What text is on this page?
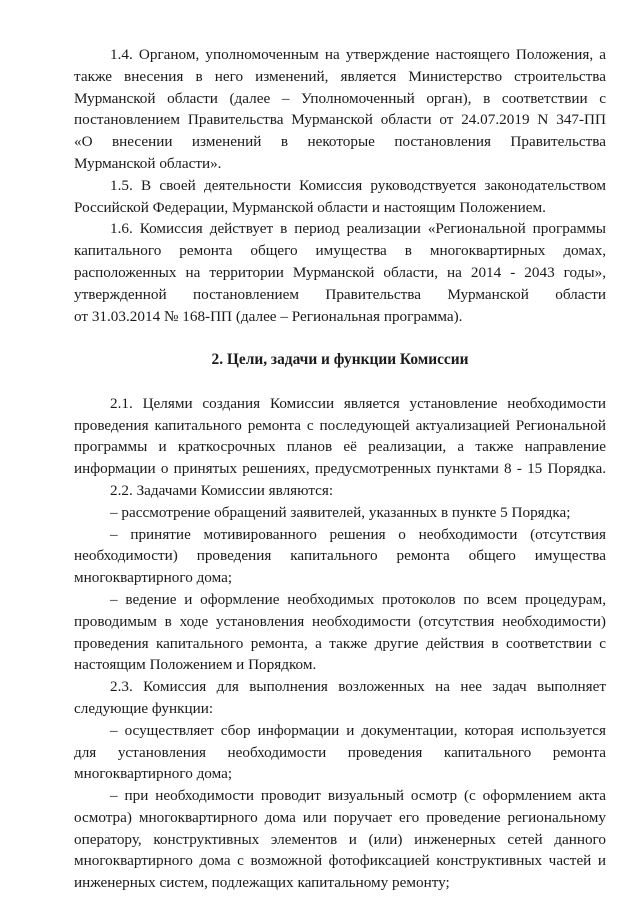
1.4. Органом, уполномоченным на утверждение настоящего Положения, а
также внесения в него изменений, является Министерство строительства
Мурманской области (далее – Уполномоченный орган), в соответствии с
постановлением Правительства Мурманской области от 24.07.2019 N 347-ПП
«О внесении изменений в некоторые постановления Правительства
Мурманской области».
1.5. В своей деятельности Комиссия руководствуется законодательством
Российской Федерации, Мурманской области и настоящим Положением.
1.6. Комиссия действует в период реализации «Региональной программы
капитального ремонта общего имущества в многоквартирных домах,
расположенных на территории Мурманской области, на 2014 - 2043 годы»,
утвержденной постановлением Правительства Мурманской области
от 31.03.2014 № 168-ПП (далее – Региональная программа).
2. Цели, задачи и функции Комиссии
2.1. Целями создания Комиссии является установление необходимости
проведения капитального ремонта с последующей актуализацией Региональной
программы и краткосрочных планов её реализации, а также направление
информации о принятых решениях, предусмотренных пунктами 8 - 15 Порядка.
2.2. Задачами Комиссии являются:
– рассмотрение обращений заявителей, указанных в пункте 5 Порядка;
– принятие мотивированного решения о необходимости (отсутствия
необходимости) проведения капитального ремонта общего имущества
многоквартирного дома;
– ведение и оформление необходимых протоколов по всем процедурам,
проводимым в ходе установления необходимости (отсутствия необходимости)
проведения капитального ремонта, а также другие действия в соответствии с
настоящим Положением и Порядком.
2.3. Комиссия для выполнения возложенных на нее задач выполняет
следующие функции:
– осуществляет сбор информации и документации, которая используется
для установления необходимости проведения капитального ремонта
многоквартирного дома;
– при необходимости проводит визуальный осмотр (с оформлением акта
осмотра) многоквартирного дома или поручает его проведение региональному
оператору, конструктивных элементов и (или) инженерных сетей данного
многоквартирного дома с возможной фотофиксацией конструктивных частей и
инженерных систем, подлежащих капитальному ремонту;
